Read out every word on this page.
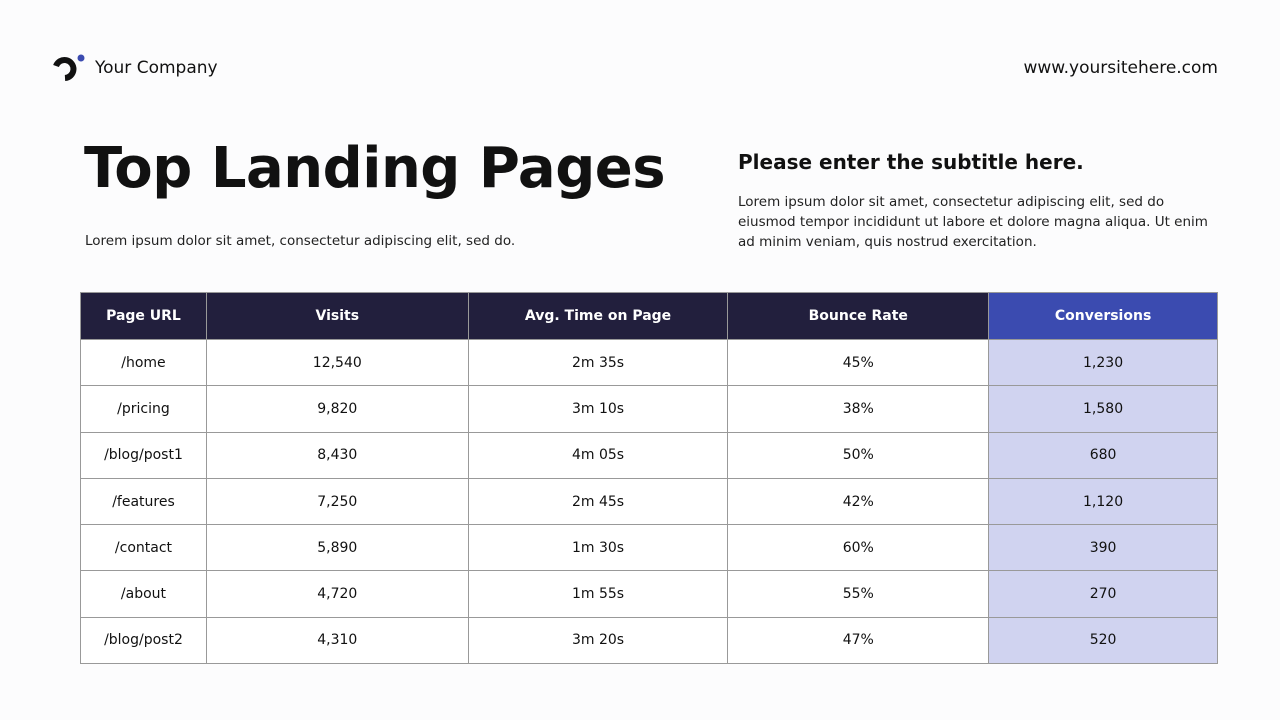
Your Company	www.yoursitehere.com
Top Landing Pages
Lorem ipsum dolor sit amet, consectetur adipiscing elit, sed do.
Please enter the subtitle here.
Lorem ipsum dolor sit amet, consectetur adipiscing elit, sed do eiusmod tempor incididunt ut labore et dolore magna aliqua. Ut enim ad minim veniam, quis nostrud exercitation.
Page URL	Visits	Avg. Time on Page	Bounce Rate	Conversions
/home	12,540	2m 35s	45%	1,230
/pricing	9,820	3m 10s	38%	1,580
/blog/post1	8,430	4m 05s	50%	680
/features	7,250	2m 45s	42%	1,120
/contact	5,890	1m 30s	60%	390
/about	4,720	1m 55s	55%	270
/blog/post2	4,310	3m 20s	47%	520
